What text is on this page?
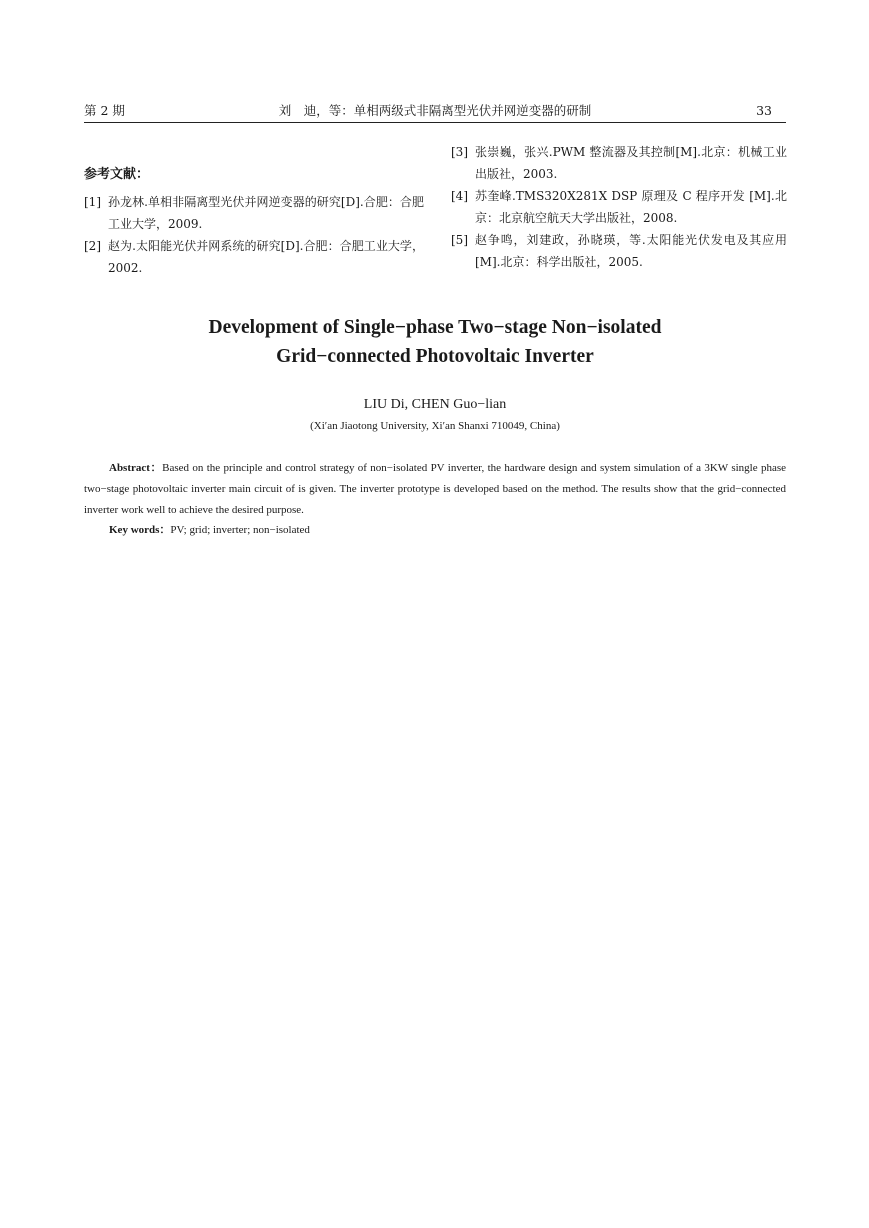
第 2 期	刘　迪，等：单相两级式非隔离型光伏并网逆变器的研制	33
参考文献：
[1] 孙龙林.单相非隔离型光伏并网逆变器的研究[D].合肥：合肥工业大学，2009.
[2] 赵为.太阳能光伏并网系统的研究[D].合肥：合肥工业大学，2002.
[3] 张崇巍，张兴.PWM 整流器及其控制[M].北京：机械工业出版社，2003.
[4] 苏奎峰.TMS320X281X DSP 原理及 C 程序开发 [M].北京：北京航空航天大学出版社，2008.
[5] 赵争鸣，刘建政，孙晓瑛，等.太阳能光伏发电及其应用[M].北京：科学出版社，2005.
Development of Single−phase Two−stage Non−isolated
Grid−connected Photovoltaic Inverter
LIU Di, CHEN Guo−lian
(Xi′an Jiaotong University, Xi′an Shanxi 710049, China)

Abstract：Based on the principle and control strategy of non−isolated PV inverter, the hardware design and system simulation of a 3KW single phase two−stage photovoltaic inverter main circuit of is given. The inverter prototype is developed based on the method. The results show that the grid−connected inverter work well to achieve the desired purpose.

Key words：PV; grid; inverter; non−isolated
